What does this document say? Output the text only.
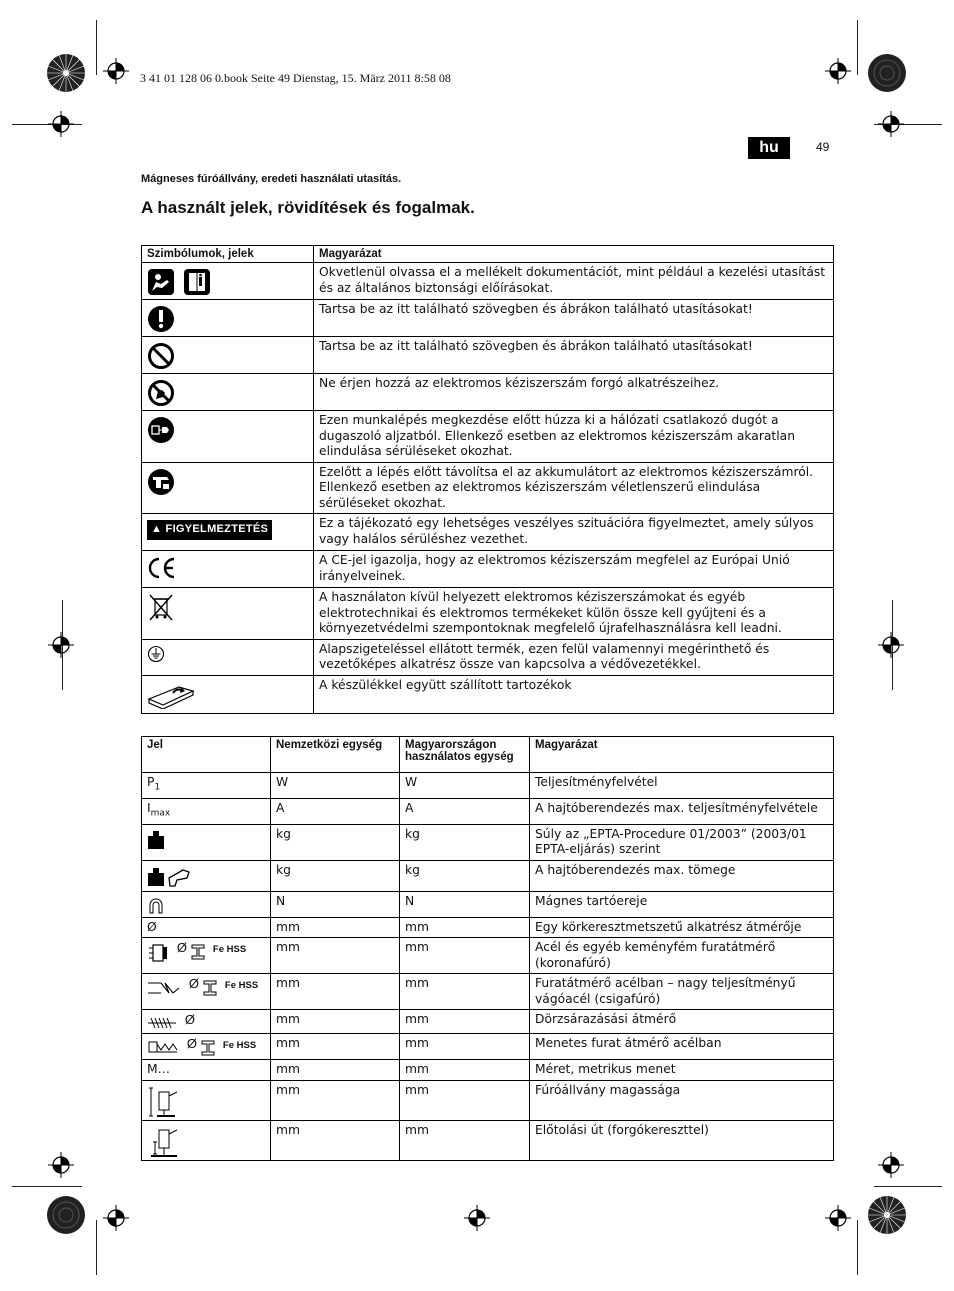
3 41 01 128 06 0.book Seite 49 Dienstag, 15. März 2011 8:58 08
hu	49
Mágneses fúróállvány, eredeti használati utasítás.
A használt jelek, rövidítések és fogalmak.
Szimbólumok, jelek	Magyarázat
	Okvetlenül olvassa el a mellékelt dokumentációt, mint például a kezelési utasítást és az általános biztonsági előírásokat.
	Tartsa be az itt található szövegben és ábrákon található utasításokat!
	Tartsa be az itt található szövegben és ábrákon található utasításokat!
	Ne érjen hozzá az elektromos kéziszerszám forgó alkatrészeihez.
	Ezen munkalépés megkezdése előtt húzza ki a hálózati csatlakozó dugót a dugaszoló aljzatból. Ellenkező esetben az elektromos kéziszerszám akaratlan elindulása sérüléseket okozhat.
	Ezelőtt a lépés előtt távolítsa el az akkumulátort az elektromos kéziszerszámról. Ellenkező esetben az elektromos kéziszerszám véletlenszerű elindulása sérüléseket okozhat.
▲ FIGYELMEZTETÉS	Ez a tájékozató egy lehetséges veszélyes szituációra figyelmeztet, amely súlyos vagy halálos sérüléshez vezethet.
	A CE-jel igazolja, hogy az elektromos kéziszerszám megfelel az Európai Unió irányelveinek.
	A használaton kívül helyezett elektromos kéziszerszámokat és egyéb elektrotechnikai és elektromos termékeket külön össze kell gyűjteni és a környezetvédelmi szempontoknak megfelelő újrafelhasználásra kell leadni.
	Alapszigeteléssel ellátott termék, ezen felül valamennyi megérinthető és vezetőképes alkatrész össze van kapcsolva a védővezetékkel.
	A készülékkel együtt szállított tartozékok
Jel	Nemzetközi egység	Magyarországon használatos egység	Magyarázat
$P_1$	W	W	Teljesítményfelvétel
$I_{max}$	A	A	A hajtóberendezés max. teljesítményfelvétele
	kg	kg	Súly az „EPTA-Procedure 01/2003” (2003/01 EPTA-eljárás) szerint
	kg	kg	A hajtóberendezés max. tömege
	N	N	Mágnes tartóereje
Ø	mm	mm	Egy körkeresztmetszetű alkatrész átmérője
Ø Fe HSS	mm	mm	Acél és egyéb keményfém furatátmérő (koronafúró)
Ø Fe HSS	mm	mm	Furatátmérő acélban – nagy teljesítményű vágóacél (csigafúró)
Ø	mm	mm	Dörzsárazásási átmérő
Ø Fe HSS	mm	mm	Menetes furat átmérő acélban
M…	mm	mm	Méret, metrikus menet
	mm	mm	Fúróállvány magassága
	mm	mm	Előtolási út (forgókereszttel)
